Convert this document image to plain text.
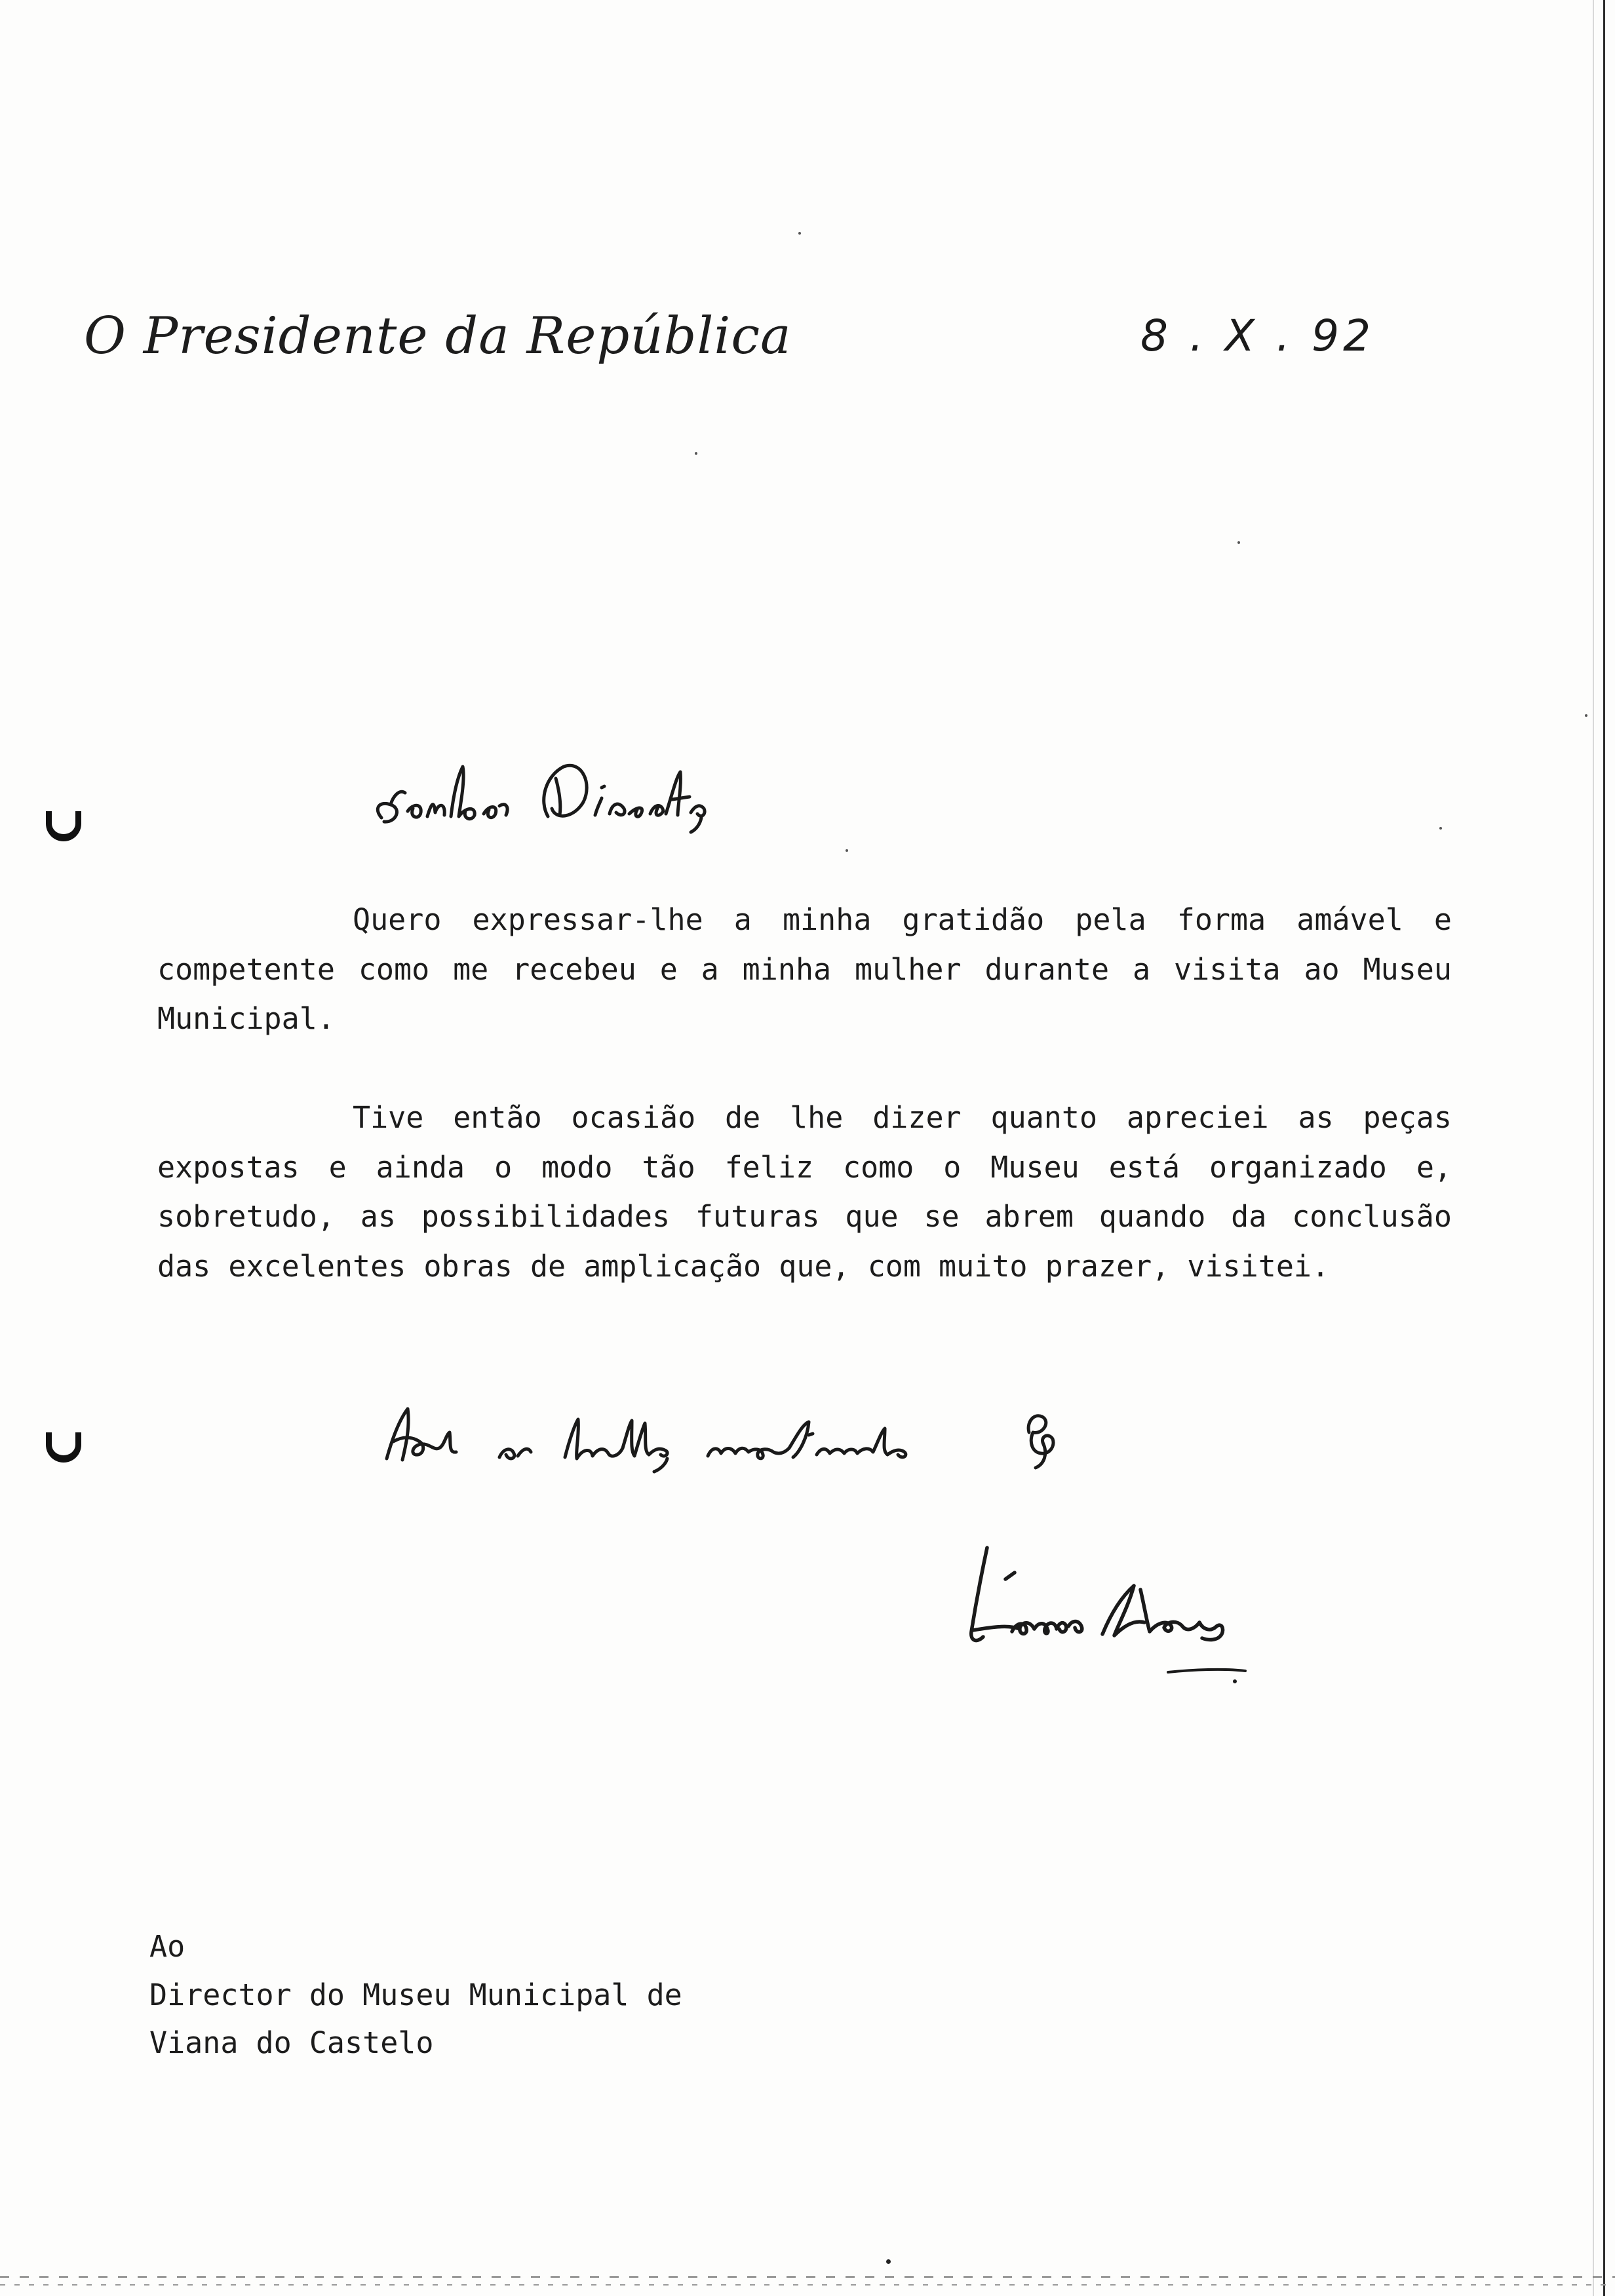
O Presidente da República	8 . X . 92

Quero expressar-lhe a minha gratidão pela forma amável e competente como me recebeu e a minha mulher durante a visita ao Museu Municipal.

Tive então ocasião de lhe dizer quanto apreciei as peças expostas e ainda o modo tão feliz como o Museu está organizado e, sobretudo, as possibilidades futuras que se abrem quando da conclusão das excelentes obras de amplicação que, com muito prazer, visitei.

Ao
Director do Museu Municipal de
Viana do Castelo
